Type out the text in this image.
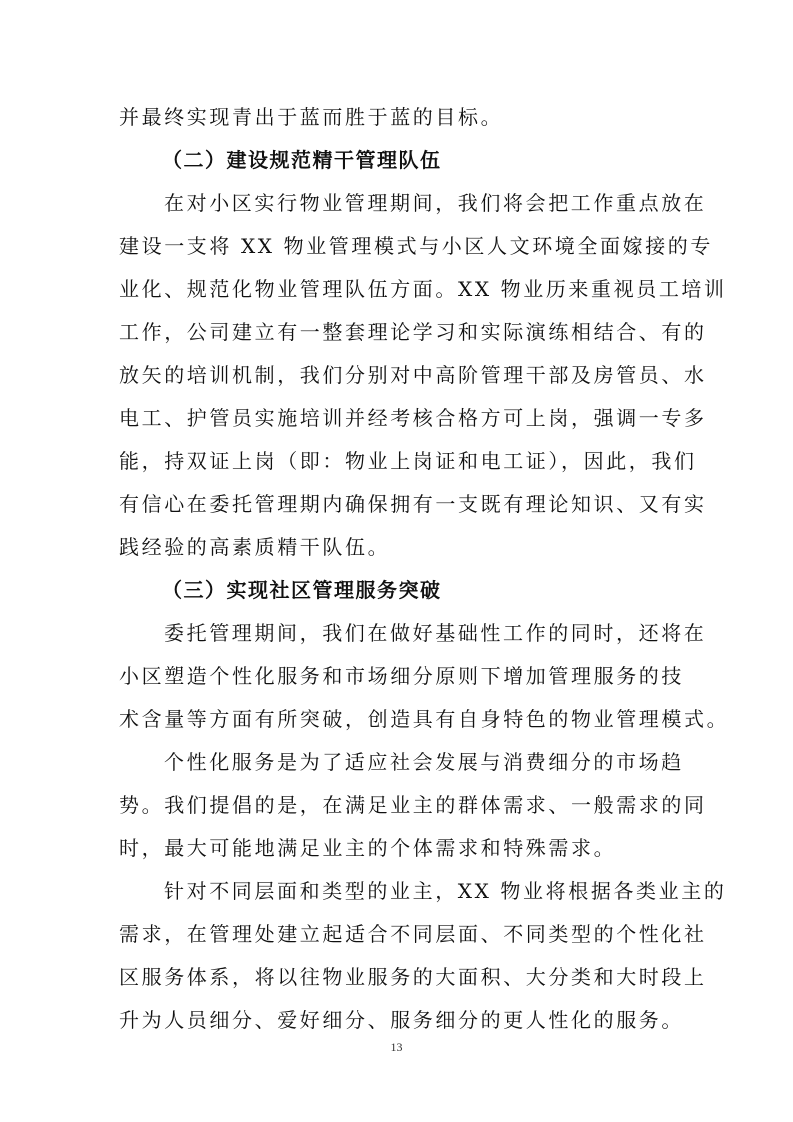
并最终实现青出于蓝而胜于蓝的目标。
（二）建设规范精干管理队伍
在对小区实行物业管理期间，我们将会把工作重点放在
建设一支将 XX 物业管理模式与小区人文环境全面嫁接的专
业化、规范化物业管理队伍方面。XX 物业历来重视员工培训
工作，公司建立有一整套理论学习和实际演练相结合、有的
放矢的培训机制，我们分别对中高阶管理干部及房管员、水
电工、护管员实施培训并经考核合格方可上岗，强调一专多
能，持双证上岗（即：物业上岗证和电工证），因此，我们
有信心在委托管理期内确保拥有一支既有理论知识、又有实
践经验的高素质精干队伍。
（三）实现社区管理服务突破
委托管理期间，我们在做好基础性工作的同时，还将在
小区塑造个性化服务和市场细分原则下增加管理服务的技
术含量等方面有所突破，创造具有自身特色的物业管理模式。
个性化服务是为了适应社会发展与消费细分的市场趋
势。我们提倡的是，在满足业主的群体需求、一般需求的同
时，最大可能地满足业主的个体需求和特殊需求。
针对不同层面和类型的业主，XX 物业将根据各类业主的
需求，在管理处建立起适合不同层面、不同类型的个性化社
区服务体系，将以往物业服务的大面积、大分类和大时段上
升为人员细分、爱好细分、服务细分的更人性化的服务。
13
